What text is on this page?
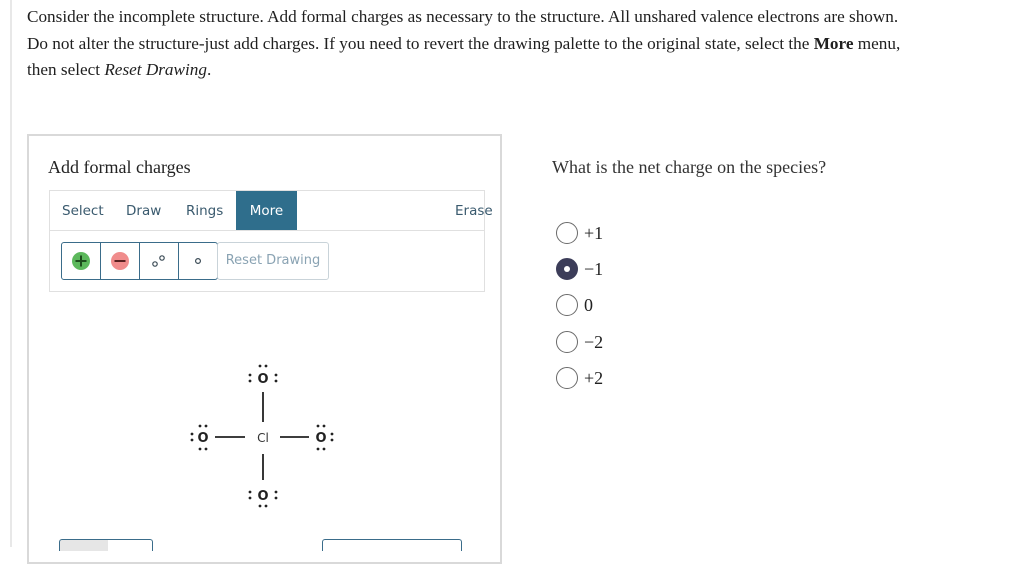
Consider the incomplete structure. Add formal charges as necessary to the structure. All unshared valence electrons are shown.
Do not alter the structure-just add charges. If you need to revert the drawing palette to the original state, select the More menu,
then select Reset Drawing.
Add formal charges
Select	Draw	Rings	More	Erase
Reset Drawing
Cl
O
O	O
O
What is the net charge on the species?
+1
−1
0
−2
+2
